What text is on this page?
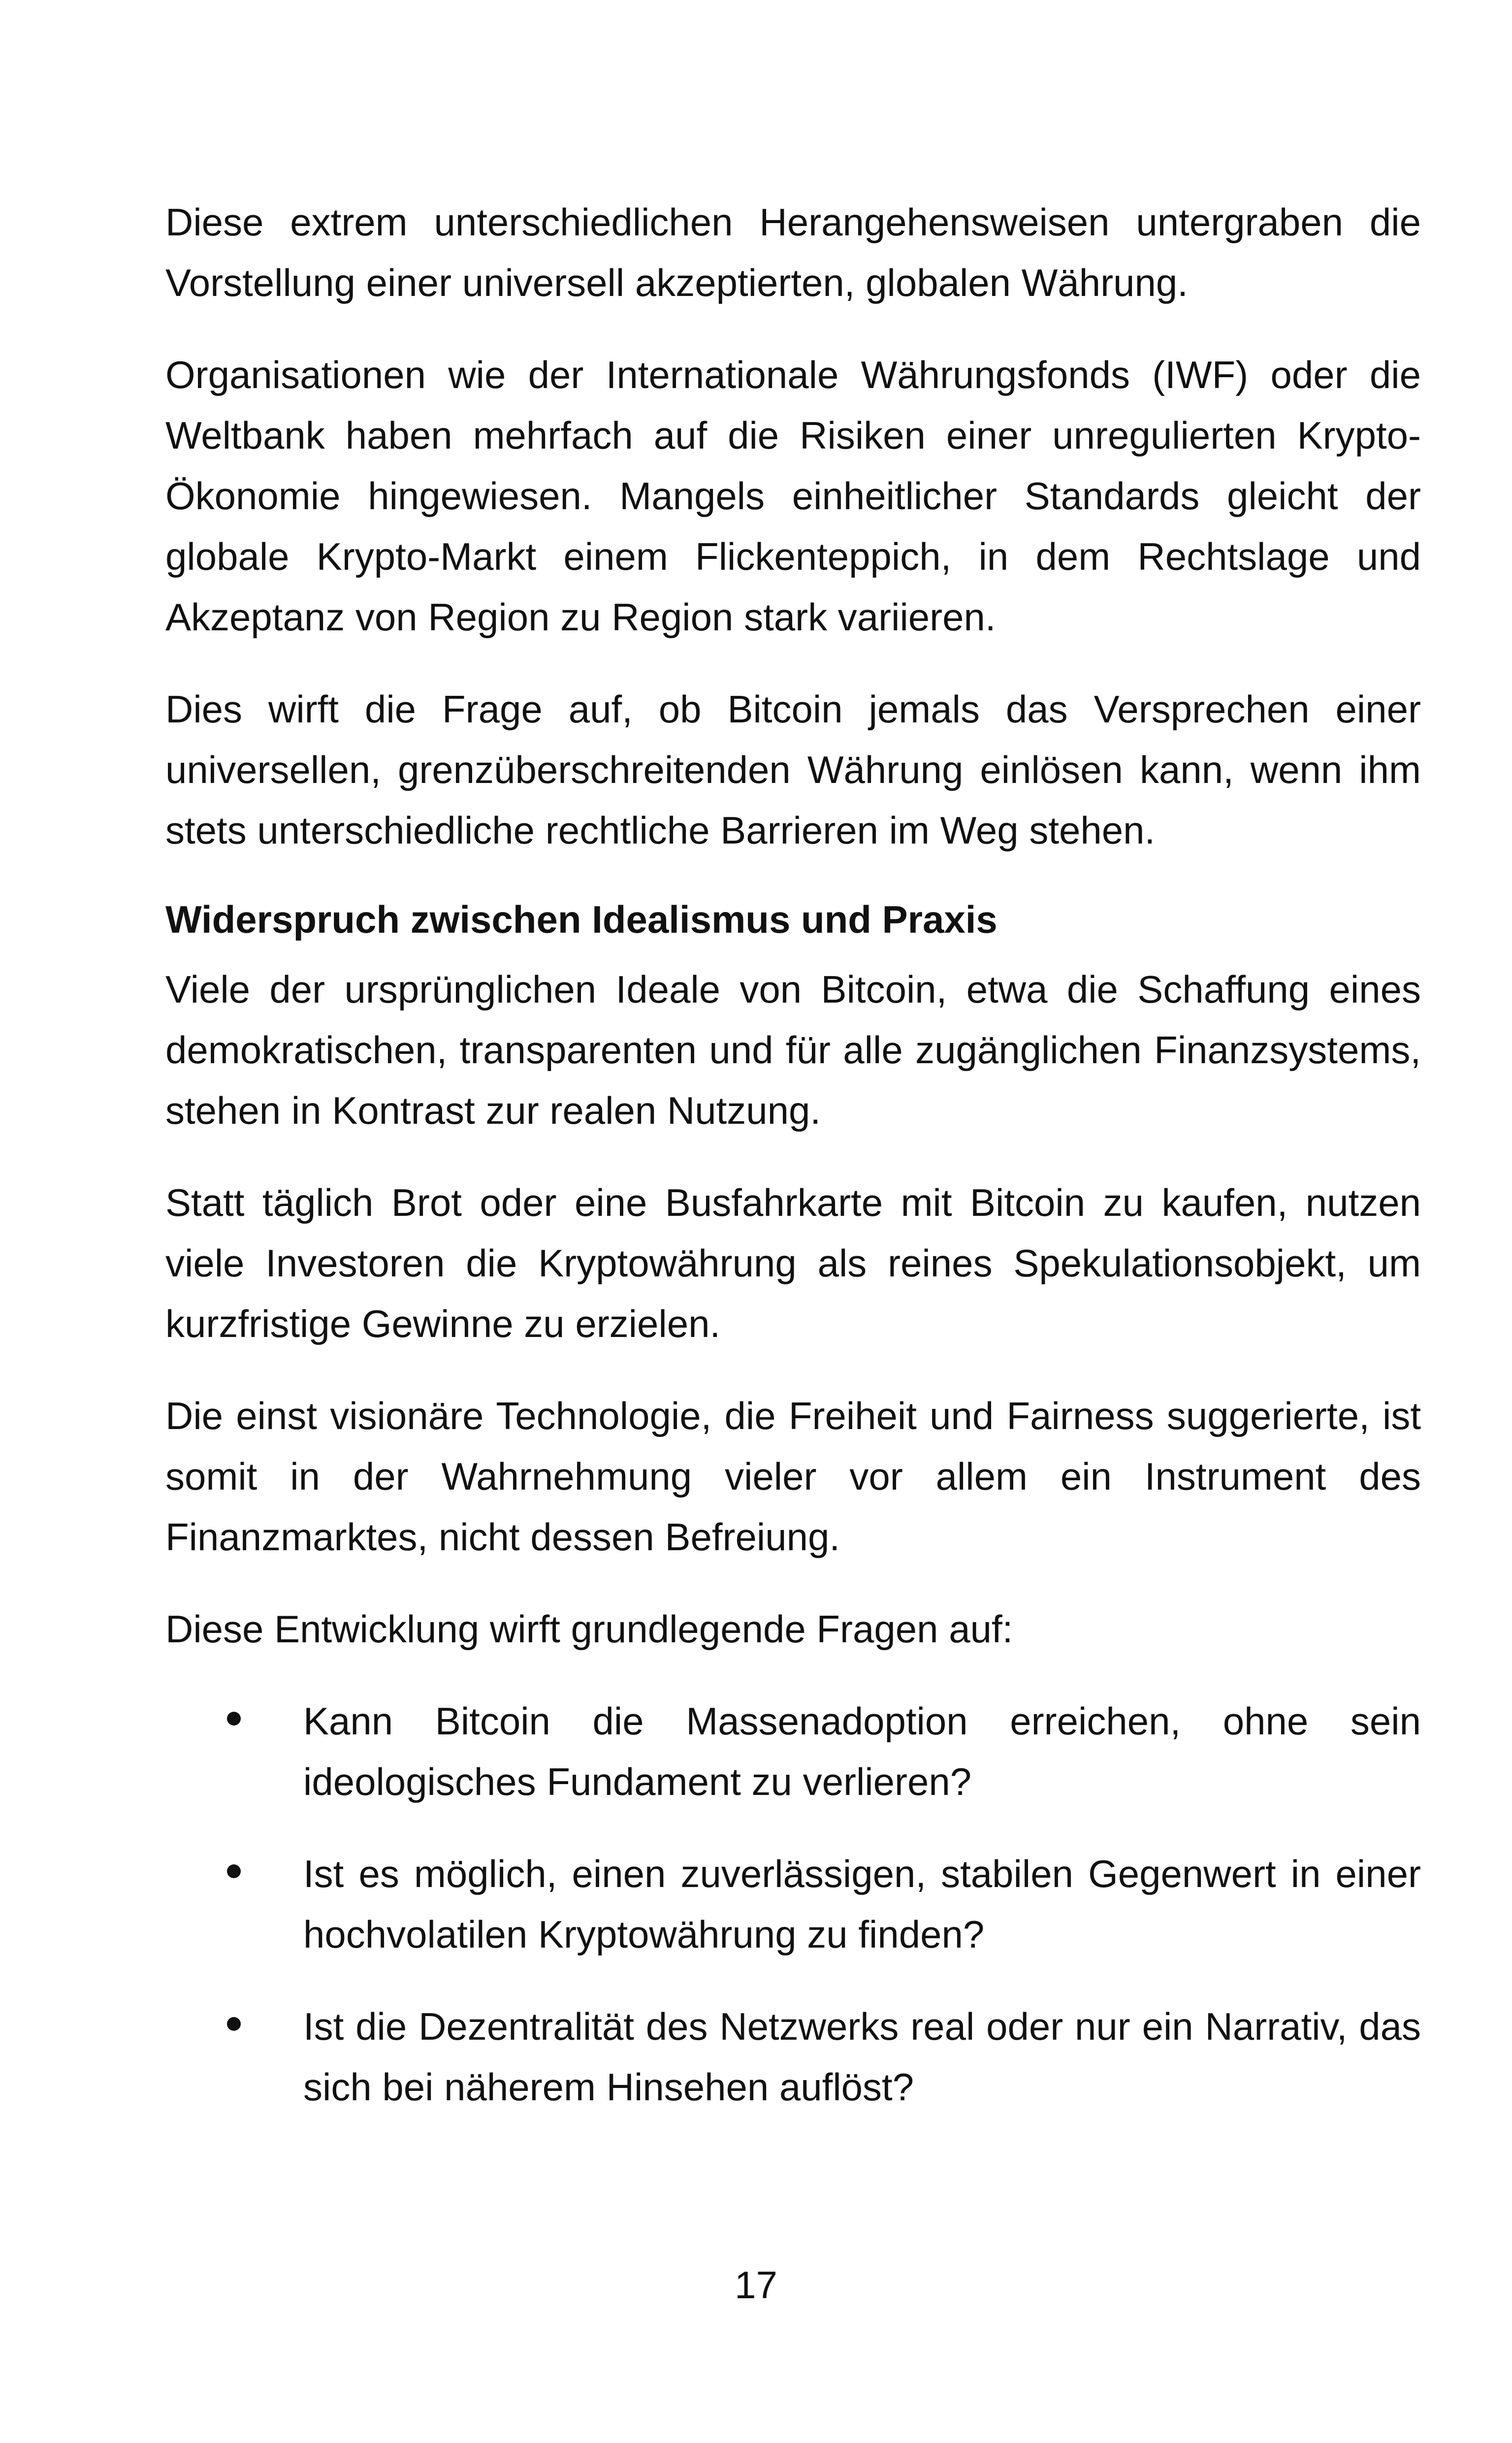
Diese extrem unterschiedlichen Herangehensweisen untergraben die Vorstellung einer universell akzeptierten, globalen Währung.

Organisationen wie der Internationale Währungsfonds (IWF) oder die Weltbank haben mehrfach auf die Risiken einer unregulierten Krypto-Ökonomie hingewiesen. Mangels einheitlicher Standards gleicht der globale Krypto-Markt einem Flickenteppich, in dem Rechtslage und Akzeptanz von Region zu Region stark variieren.

Dies wirft die Frage auf, ob Bitcoin jemals das Versprechen einer universellen, grenzüberschreitenden Währung einlösen kann, wenn ihm stets unterschiedliche rechtliche Barrieren im Weg stehen.

Widerspruch zwischen Idealismus und Praxis

Viele der ursprünglichen Ideale von Bitcoin, etwa die Schaffung eines demokratischen, transparenten und für alle zugänglichen Finanzsystems, stehen in Kontrast zur realen Nutzung.

Statt täglich Brot oder eine Busfahrkarte mit Bitcoin zu kaufen, nutzen viele Investoren die Kryptowährung als reines Spekulationsobjekt, um kurzfristige Gewinne zu erzielen.

Die einst visionäre Technologie, die Freiheit und Fairness suggerierte, ist somit in der Wahrnehmung vieler vor allem ein Instrument des Finanzmarktes, nicht dessen Befreiung.

Diese Entwicklung wirft grundlegende Fragen auf:

Kann Bitcoin die Massenadoption erreichen, ohne sein ideologisches Fundament zu verlieren?
Ist es möglich, einen zuverlässigen, stabilen Gegenwert in einer hochvolatilen Kryptowährung zu finden?
Ist die Dezentralität des Netzwerks real oder nur ein Narrativ, das sich bei näherem Hinsehen auflöst?
17
